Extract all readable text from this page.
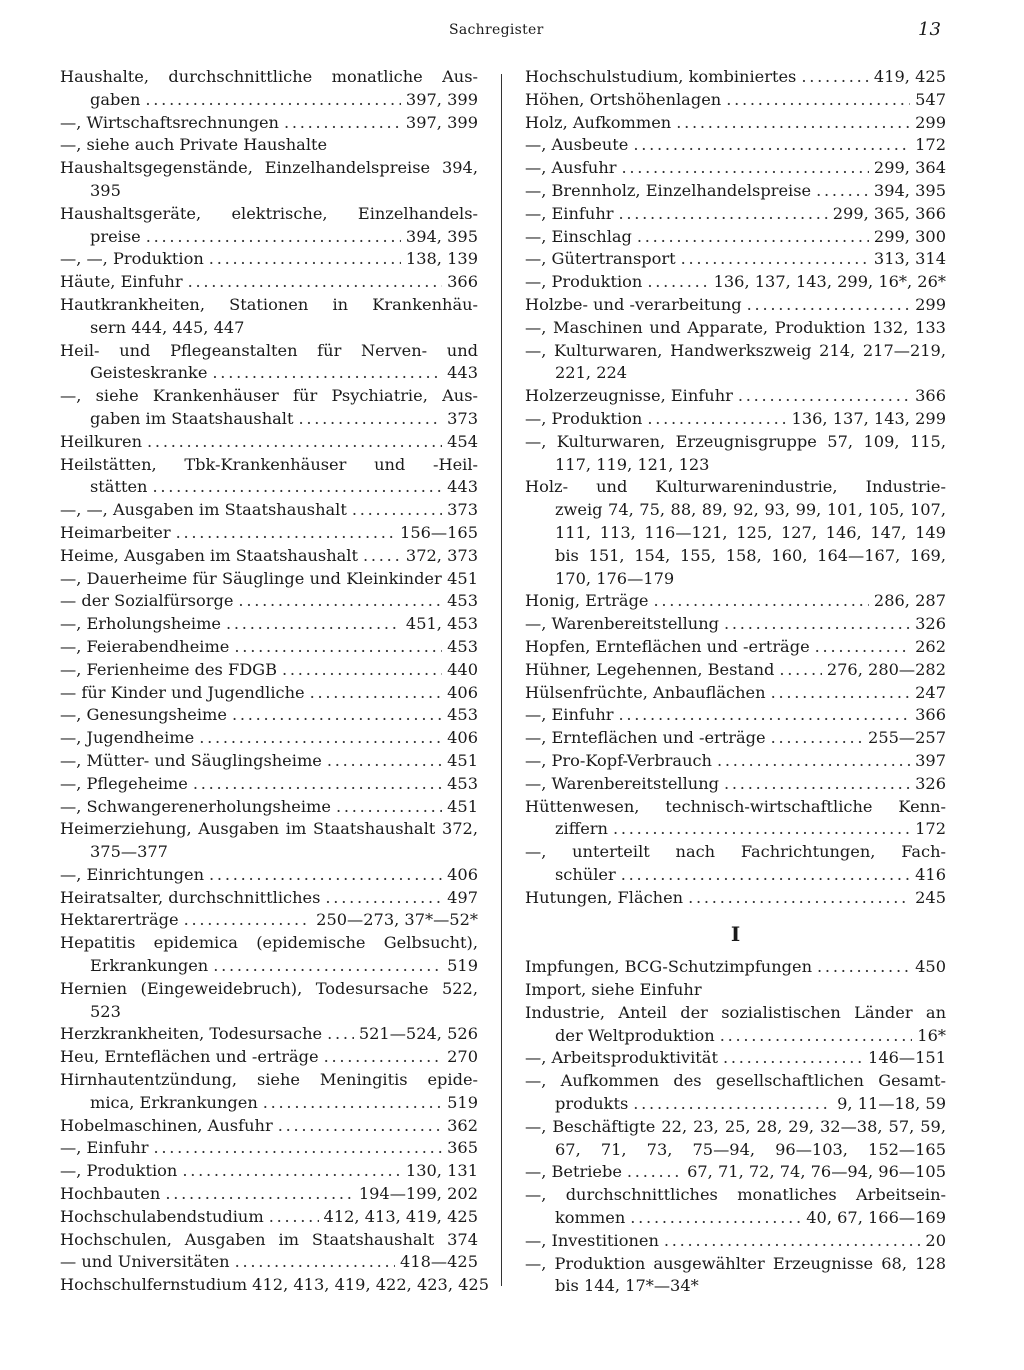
Sachregister	13
Haushalte, durchschnittliche monatliche Aus-
gaben . . .	397, 399
—, Wirtschaftsrechnungen . . .	397, 399
—, siehe auch Private Haushalte
Haushaltsgegenstände, Einzelhandelspreise 394,
395
Haushaltsgeräte, elektrische, Einzelhandels-
preise . . .	394, 395
—, —, Produktion . . .	138, 139
Häute, Einfuhr . . .	366
Hautkrankheiten, Stationen in Krankenhäu-
sern 444, 445, 447
Heil- und Pflegeanstalten für Nerven- und
Geisteskranke . . .	443
—, siehe Krankenhäuser für Psychiatrie, Aus-
gaben im Staatshaushalt . . .	373
Heilkuren . . .	454
Heilstätten, Tbk-Krankenhäuser und -Heil-
stätten . . .	443
—, —, Ausgaben im Staatshaushalt . . .	373
Heimarbeiter . . .	156—165
Heime, Ausgaben im Staatshaushalt . . .	372, 373
—, Dauerheime für Säuglinge und Kleinkinder 451
— der Sozialfürsorge . . .	453
—, Erholungsheime . . .	451, 453
—, Feierabendheime . . .	453
—, Ferienheime des FDGB . . .	440
— für Kinder und Jugendliche . . .	406
—, Genesungsheime . . .	453
—, Jugendheime . . .	406
—, Mütter- und Säuglingsheime . . .	451
—, Pflegeheime . . .	453
—, Schwangerenerholungsheime . . .	451
Heimerziehung, Ausgaben im Staatshaushalt 372,
375—377
—, Einrichtungen . . .	406
Heiratsalter, durchschnittliches . . .	497
Hektarerträge . . .	250—273, 37*—52*
Hepatitis epidemica (epidemische Gelbsucht),
Erkrankungen . . .	519
Hernien (Eingeweidebruch), Todesursache 522,
523
Herzkrankheiten, Todesursache . . . 521—524, 526
Heu, Ernteflächen und -erträge . . .	270
Hirnhautentzündung, siehe Meningitis epide-
mica, Erkrankungen . . .	519
Hobelmaschinen, Ausfuhr . . .	362
—, Einfuhr . . .	365
—, Produktion . . .	130, 131
Hochbauten . . .	194—199, 202
Hochschulabendstudium . . .	412, 413, 419, 425
Hochschulen, Ausgaben im Staatshaushalt 374
— und Universitäten . . .	418—425
Hochschulfernstudium 412, 413, 419, 422, 423, 425
Hochschulstudium, kombiniertes . . .	419, 425
Höhen, Ortshöhenlagen . . .	547
Holz, Aufkommen . . .	299
—, Ausbeute . . .	172
—, Ausfuhr . . .	299, 364
—, Brennholz, Einzelhandelspreise . . .	394, 395
—, Einfuhr . . .	299, 365, 366
—, Einschlag . . .	299, 300
—, Gütertransport . . .	313, 314
—, Produktion . . .	136, 137, 143, 299, 16*, 26*
Holzbe- und -verarbeitung . . .	299
—, Maschinen und Apparate, Produktion 132, 133
—, Kulturwaren, Handwerkszweig 214, 217—219,
221, 224
Holzerzeugnisse, Einfuhr . . .	366
—, Produktion . . .	136, 137, 143, 299
—, Kulturwaren, Erzeugnisgruppe 57, 109, 115,
117, 119, 121, 123
Holz- und Kulturwarenindustrie, Industrie-
zweig 74, 75, 88, 89, 92, 93, 99, 101, 105, 107,
111, 113, 116—121, 125, 127, 146, 147, 149
bis 151, 154, 155, 158, 160, 164—167, 169,
170, 176—179
Honig, Erträge . . .	286, 287
—, Warenbereitstellung . . .	326
Hopfen, Ernteflächen und -erträge . . .	262
Hühner, Legehennen, Bestand . . .	276, 280—282
Hülsenfrüchte, Anbauflächen . . .	247
—, Einfuhr . . .	366
—, Ernteflächen und -erträge . . .	255—257
—, Pro-Kopf-Verbrauch . . .	397
—, Warenbereitstellung . . .	326
Hüttenwesen, technisch-wirtschaftliche Kenn-
ziffern . . .	172
—, unterteilt nach Fachrichtungen, Fach-
schüler . . .	416
Hutungen, Flächen . . .	245
I
Impfungen, BCG-Schutzimpfungen . . .	450
Import, siehe Einfuhr
Industrie, Anteil der sozialistischen Länder an
der Weltproduktion . . .	16*
—, Arbeitsproduktivität . . .	146—151
—, Aufkommen des gesellschaftlichen Gesamt-
produkts . . .	9, 11—18, 59
—, Beschäftigte 22, 23, 25, 28, 29, 32—38, 57, 59,
67, 71, 73, 75—94, 96—103, 152—165
—, Betriebe . . .	67, 71, 72, 74, 76—94, 96—105
—, durchschnittliches monatliches Arbeitsein-
kommen . . .	40, 67, 166—169
—, Investitionen . . .	20
—, Produktion ausgewählter Erzeugnisse 68, 128
bis 144, 17*—34*
